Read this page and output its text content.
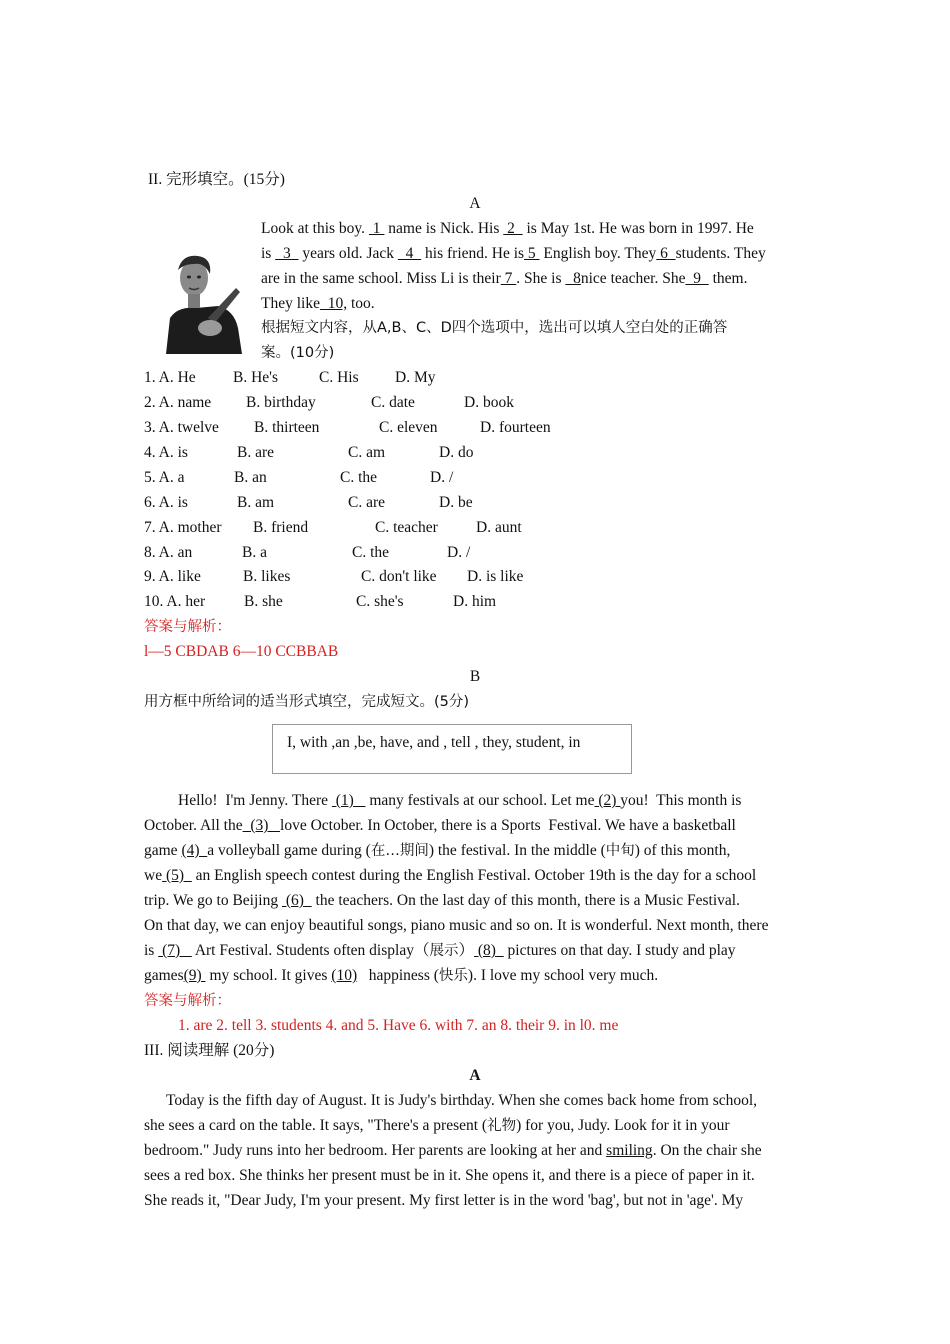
II. 完形填空。(15分)
A
Look at this boy.  1  name is Nick. His  2   is May 1st. He was born in 1997. He
is   3   years old. Jack   4   his friend. He is 5  English boy. They 6  students. They
are in the same school. Miss Li is their 7 . She is   8nice teacher. She  9   them.
They like  10, too.
根据短文内容，从A,B、C、D四个选项中，选出可以填人空白处的正确答
案。(10分)
1. A. He B. He's	C. His D. My
2. A. name B. birthday	C. date	D. book
3. A. twelve B. thirteen	C. eleven	D. fourteen
4. A. is	B. are	C. am	D. do
5. A. a	B. an	C. the	D. /
6. A. is	B. am	C. are	D. be
7. A. mother B. friend	C. teacher D. aunt
8. A. an	B. a	C. the	D. /
9. A. like	B. likes	C. don't like D. is like
10. A. her	B. she	C. she's	D. him
答案与解析：
l—5 CBDAB 6—10 CCBBAB
B
用方框中所给词的适当形式填空，完成短文。(5分)
I, with ,an ,be, have, and , tell , they, student, in
Hello!  I'm Jenny. There  (1)    many festivals at our school. Let me (2) you!  This month is
October. All the  (3)   love October. In October, there is a Sports  Festival. We have a basketball
game (4)  a volleyball game during (在…期间) the festival. In the middle (中旬) of this month,
we (5)   an English speech contest during the English Festival. October 19th is the day for a school
trip. We go to Beijing  (6)   the teachers. On the last day of this month, there is a Music Festival.
On that day, we can enjoy beautiful songs, piano music and so on. It is wonderful. Next month, there
is  (7)    Art Festival. Students often display（展示） (8)   pictures on that day. I study and play
games(9)  my school. It gives (10)   happiness (快乐). I love my school very much.
答案与解析：
1. are 2. tell 3. students 4. and 5. Have 6. with 7. an 8. their 9. in l0. me
III. 阅读理解 (20分)
A
Today is the fifth day of August. It is Judy's birthday. When she comes back home from school,
she sees a card on the table. It says, "There's a present (礼物) for you, Judy. Look for it in your
bedroom." Judy runs into her bedroom. Her parents are looking at her and smiling. On the chair she
sees a red box. She thinks her present must be in it. She opens it, and there is a piece of paper in it.
She reads it, "Dear Judy, I'm your present. My first letter is in the word 'bag', but not in 'age'. My
